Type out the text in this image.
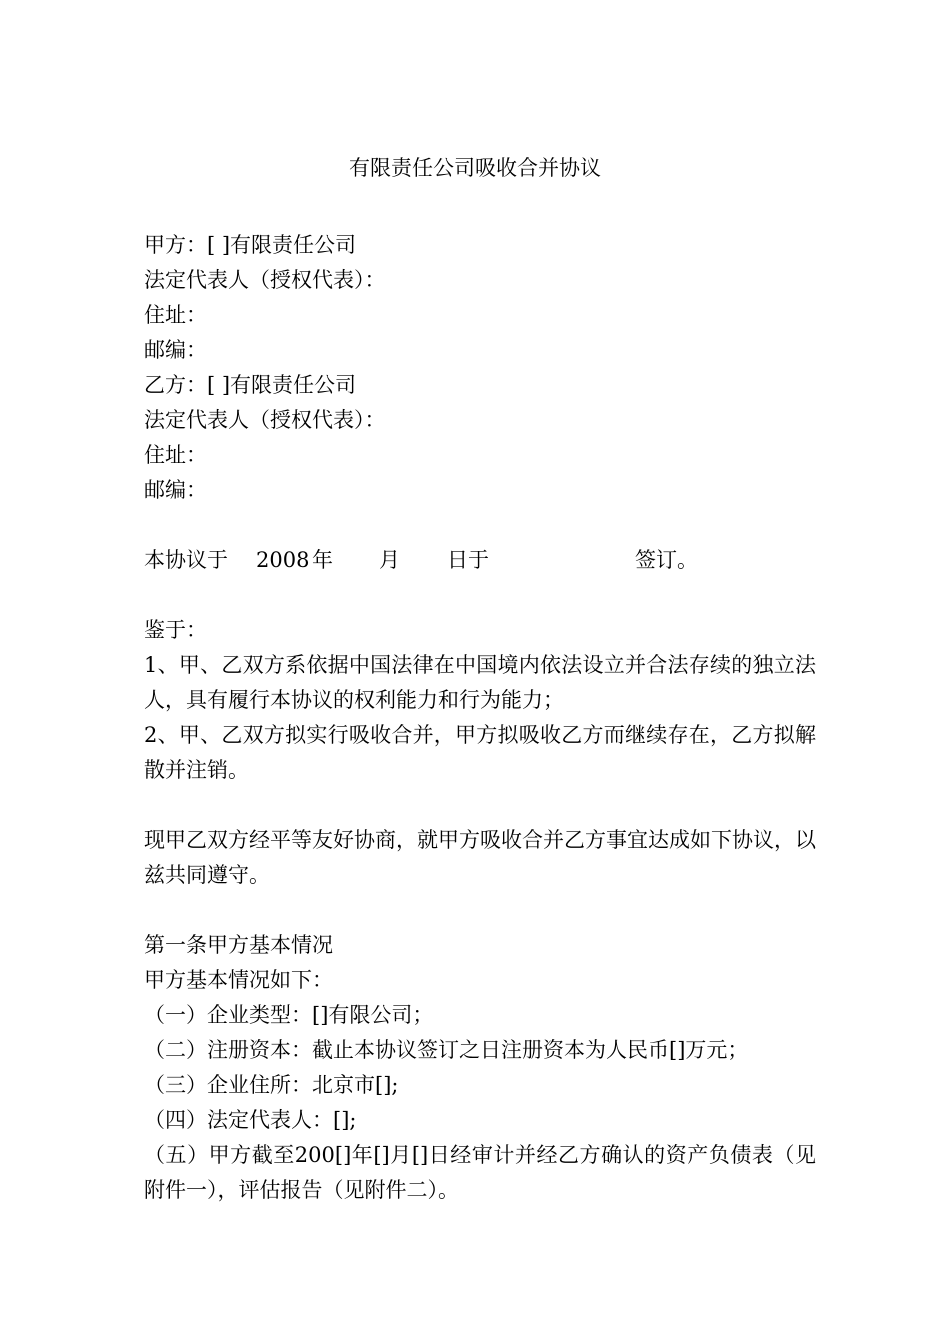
有限责任公司吸收合并协议
甲方：[ ]有限责任公司
法定代表人（授权代表）：
住址：
邮编：
乙方：[ ]有限责任公司
法定代表人（授权代表）：
住址：
邮编：

本协议于

2008

年

月

日于

	签订。

鉴于：
1、甲、乙双方系依据中国法律在中国境内依法设立并合法存续的独立法人，具有履行本协议的权利能力和行为能力；
2、甲、乙双方拟实行吸收合并，甲方拟吸收乙方而继续存在，乙方拟解散并注销。
现甲乙双方经平等友好协商，就甲方吸收合并乙方事宜达成如下协议，以兹共同遵守。
第一条甲方基本情况
甲方基本情况如下：
（一）企业类型：[]有限公司；
（二）注册资本：截止本协议签订之日注册资本为人民币[]万元；
（三）企业住所：北京市[];
（四）法定代表人：[];
（五）甲方截至200[]年[]月[]日经审计并经乙方确认的资产负债表（见附件一），评估报告（见附件二）。
